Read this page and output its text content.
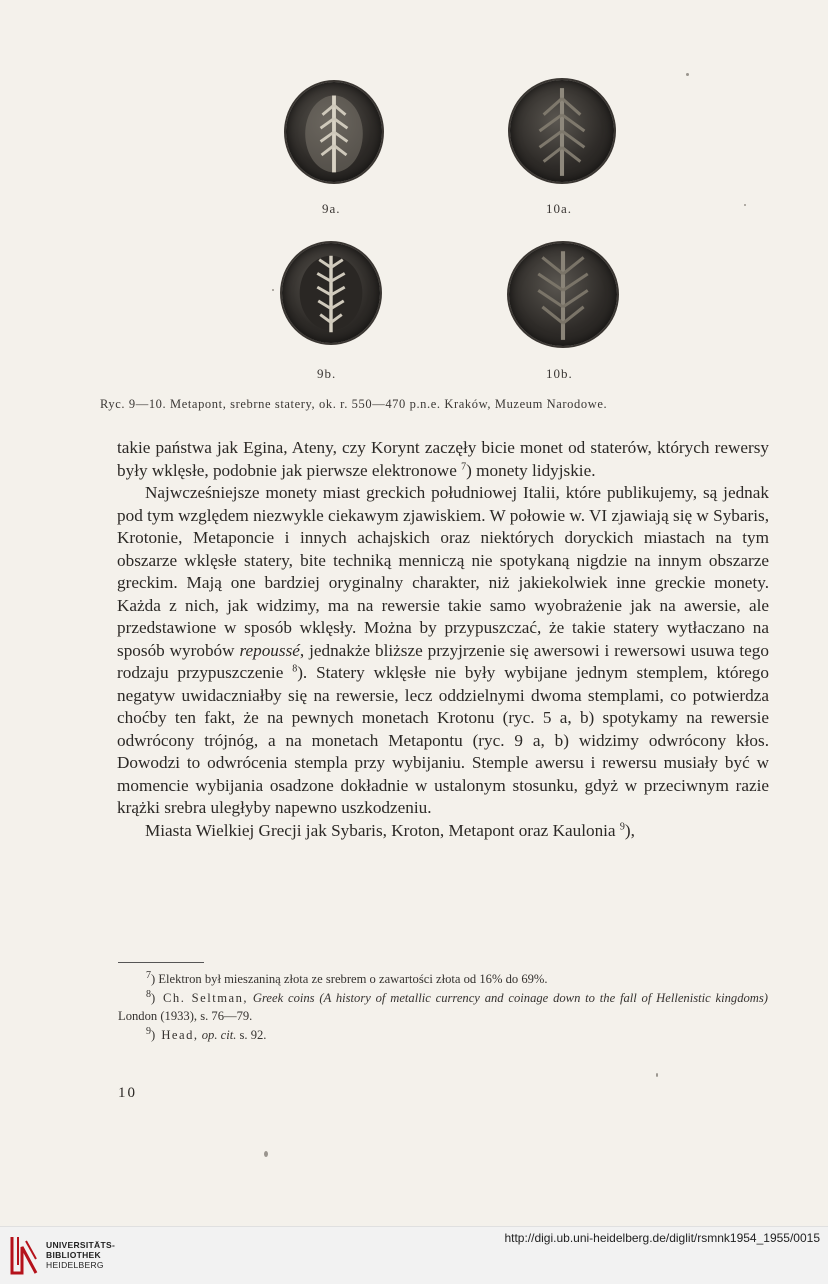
9a.	10a.
9b.	10b.
Ryc. 9—10. Metapont, srebrne statery, ok. r. 550—470 p.n.e. Kraków, Muzeum Narodowe.

takie państwa jak Egina, Ateny, czy Korynt zaczęły bicie monet od staterów, których rewersy były wklęsłe, podobnie jak pierwsze elektronowe $^7$) monety lidyjskie.

Najwcześniejsze monety miast greckich południowej Italii, które publikujemy, są jednak pod tym względem niezwykle ciekawym zjawiskiem. W połowie w. VI zjawiają się w Sybaris, Krotonie, Metaponcie i innych achajskich oraz niektórych doryckich miastach na tym obszarze wklęsłe statery, bite techniką menniczą nie spotykaną nigdzie na innym obszarze greckim. Mają one bardziej oryginalny charakter, niż jakiekolwiek inne greckie monety. Każda z nich, jak widzimy, ma na rewersie takie samo wyobrażenie jak na awersie, ale przedstawione w sposób wklęsły. Można by przypuszczać, że takie statery wytłaczano na sposób wyrobów repoussé, jednakże bliższe przyjrzenie się awersowi i rewersowi usuwa tego rodzaju przypuszczenie $^8$). Statery wklęsłe nie były wybijane jednym stemplem, którego negatyw uwidaczniałby się na rewersie, lecz oddzielnymi dwoma stemplami, co potwierdza choćby ten fakt, że na pewnych monetach Krotonu (ryc. 5 a, b) spotykamy na rewersie odwrócony trójnóg, a na monetach Metapontu (ryc. 9 a, b) widzimy odwrócony kłos. Dowodzi to odwrócenia stempla przy wybijaniu. Stemple awersu i rewersu musiały być w momencie wybijania osadzone dokładnie w ustalonym stosunku, gdyż w przeciwnym razie krążki srebra uległyby napewno uszkodzeniu.

Miasta Wielkiej Grecji jak Sybaris, Kroton, Metapont oraz Kaulonia $^9$),

$^7$) Elektron był mieszaniną złota ze srebrem o zawartości złota od 16% do 69%.

$^8$) Ch. Seltman, Greek coins (A history of metallic currency and coinage down to the fall of Hellenistic kingdoms) London (1933), s. 76—79.

$^9$) Head, op. cit. s. 92.

10
UNIVERSITÄTS-
BIBLIOTHEK
HEIDELBERG
http://digi.ub.uni-heidelberg.de/diglit/rsmnk1954_1955/0015
